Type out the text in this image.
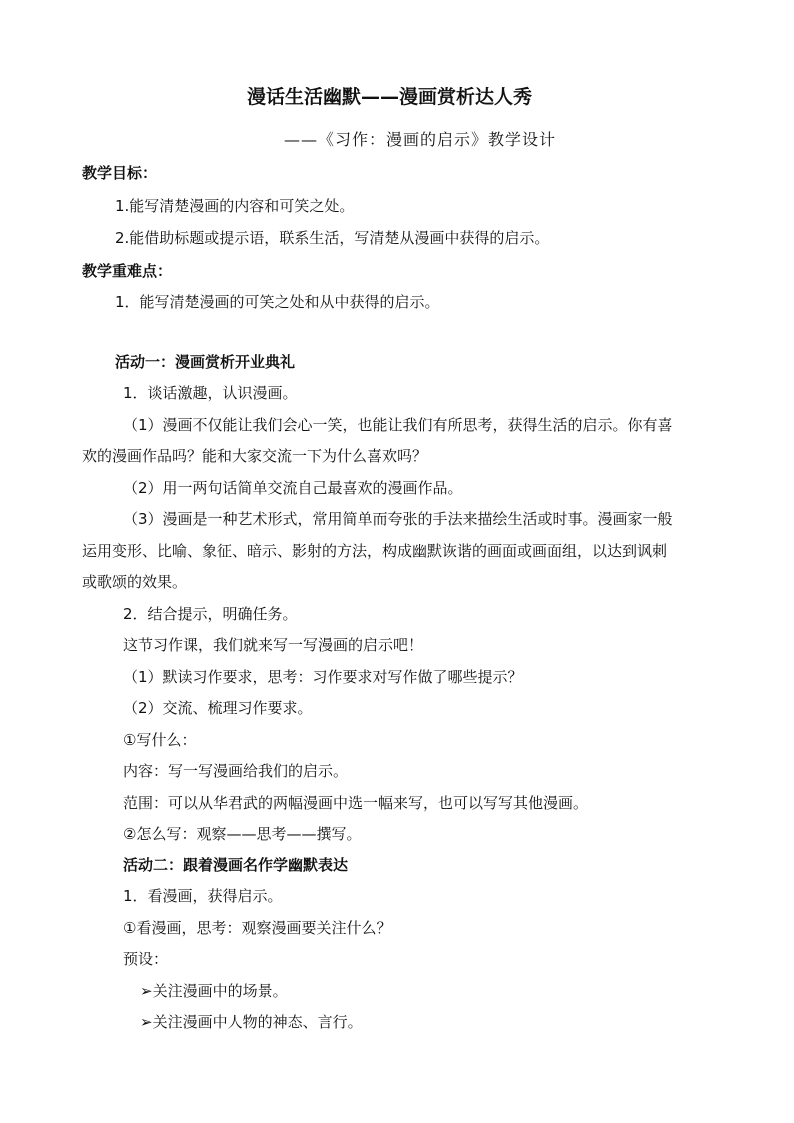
漫话生活幽默——漫画赏析达人秀
——《习作：漫画的启示》教学设计
教学目标：
1.能写清楚漫画的内容和可笑之处。
2.能借助标题或提示语，联系生活，写清楚从漫画中获得的启示。
教学重难点：
1．能写清楚漫画的可笑之处和从中获得的启示。
活动一：漫画赏析开业典礼
1．谈话激趣，认识漫画。
（1）漫画不仅能让我们会心一笑，也能让我们有所思考，获得生活的启示。你有喜
欢的漫画作品吗？能和大家交流一下为什么喜欢吗？
（2）用一两句话简单交流自己最喜欢的漫画作品。
（3）漫画是一种艺术形式，常用简单而夸张的手法来描绘生活或时事。漫画家一般
运用变形、比喻、象征、暗示、影射的方法，构成幽默诙谐的画面或画面组，以达到讽刺
或歌颂的效果。
2．结合提示，明确任务。
这节习作课，我们就来写一写漫画的启示吧！
（1）默读习作要求，思考：习作要求对写作做了哪些提示？
（2）交流、梳理习作要求。
①写什么：
内容：写一写漫画给我们的启示。
范围：可以从华君武的两幅漫画中选一幅来写，也可以写写其他漫画。
②怎么写：观察——思考——撰写。
活动二：跟着漫画名作学幽默表达
1．看漫画，获得启示。
①看漫画，思考：观察漫画要关注什么？
预设：
➢关注漫画中的场景。
➢关注漫画中人物的神态、言行。
